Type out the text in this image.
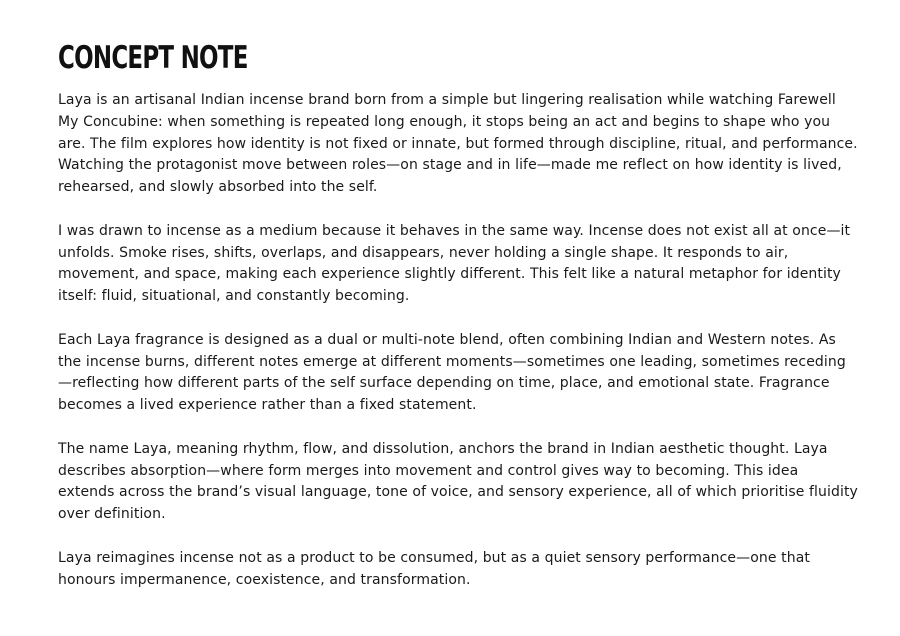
CONCEPT NOTE

Laya is an artisanal Indian incense brand born from a simple but lingering realisation while watching Farewell My Concubine: when something is repeated long enough, it stops being an act and begins to shape who you are. The film explores how identity is not fixed or innate, but formed through discipline, ritual, and performance. Watching the protagonist move between roles—on stage and in life—made me reflect on how identity is lived, rehearsed, and slowly absorbed into the self.

I was drawn to incense as a medium because it behaves in the same way. Incense does not exist all at once—it unfolds. Smoke rises, shifts, overlaps, and disappears, never holding a single shape. It responds to air, movement, and space, making each experience slightly different. This felt like a natural metaphor for identity itself: fluid, situational, and constantly becoming.

Each Laya fragrance is designed as a dual or multi-note blend, often combining Indian and Western notes. As the incense burns, different notes emerge at different moments—sometimes one leading, sometimes receding—reflecting how different parts of the self surface depending on time, place, and emotional state. Fragrance becomes a lived experience rather than a fixed statement.

The name Laya, meaning rhythm, flow, and dissolution, anchors the brand in Indian aesthetic thought. Laya describes absorption—where form merges into movement and control gives way to becoming. This idea extends across the brand’s visual language, tone of voice, and sensory experience, all of which prioritise fluidity over definition.

Laya reimagines incense not as a product to be consumed, but as a quiet sensory performance—one that honours impermanence, coexistence, and transformation.
